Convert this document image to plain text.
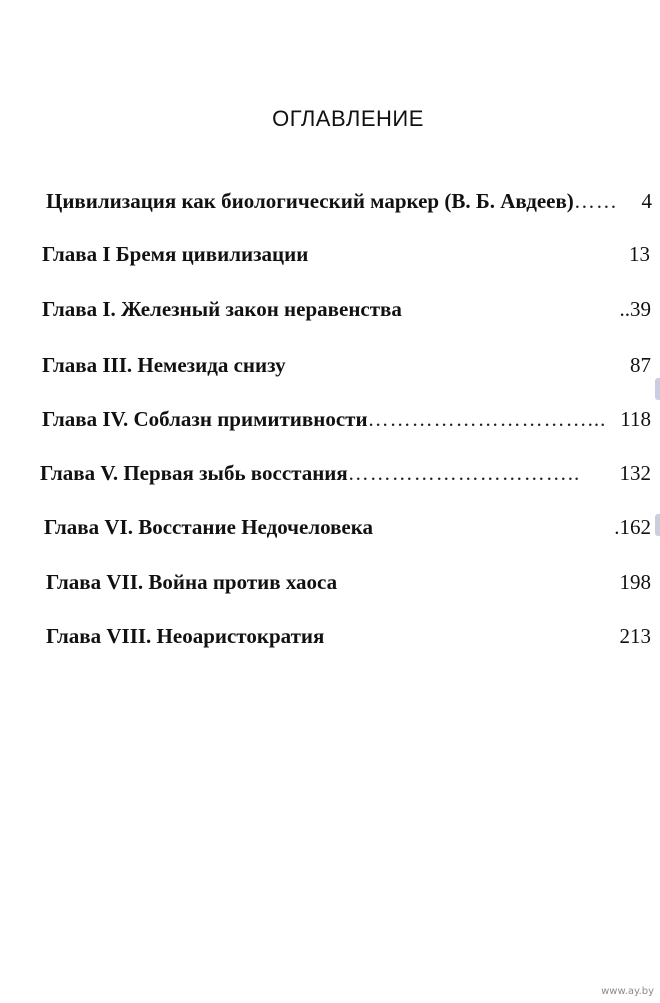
ОГЛАВЛЕНИЕ
Цивилизация как биологический маркер (В. Б. Авдеев) ……	4
Глава I Бремя цивилизации	13
Глава I. Железный закон неравенства	..39
Глава III. Немезида снизу	87
Глава IV. Соблазн примитивности …………………………... 118
Глава V. Первая зыбь восстания …………………………..	132
Глава VI. Восстание Недочеловека	.162
Глава VII. Война против хаоса	198
Глава VIII. Неоаристократия	213
www.ay.by
